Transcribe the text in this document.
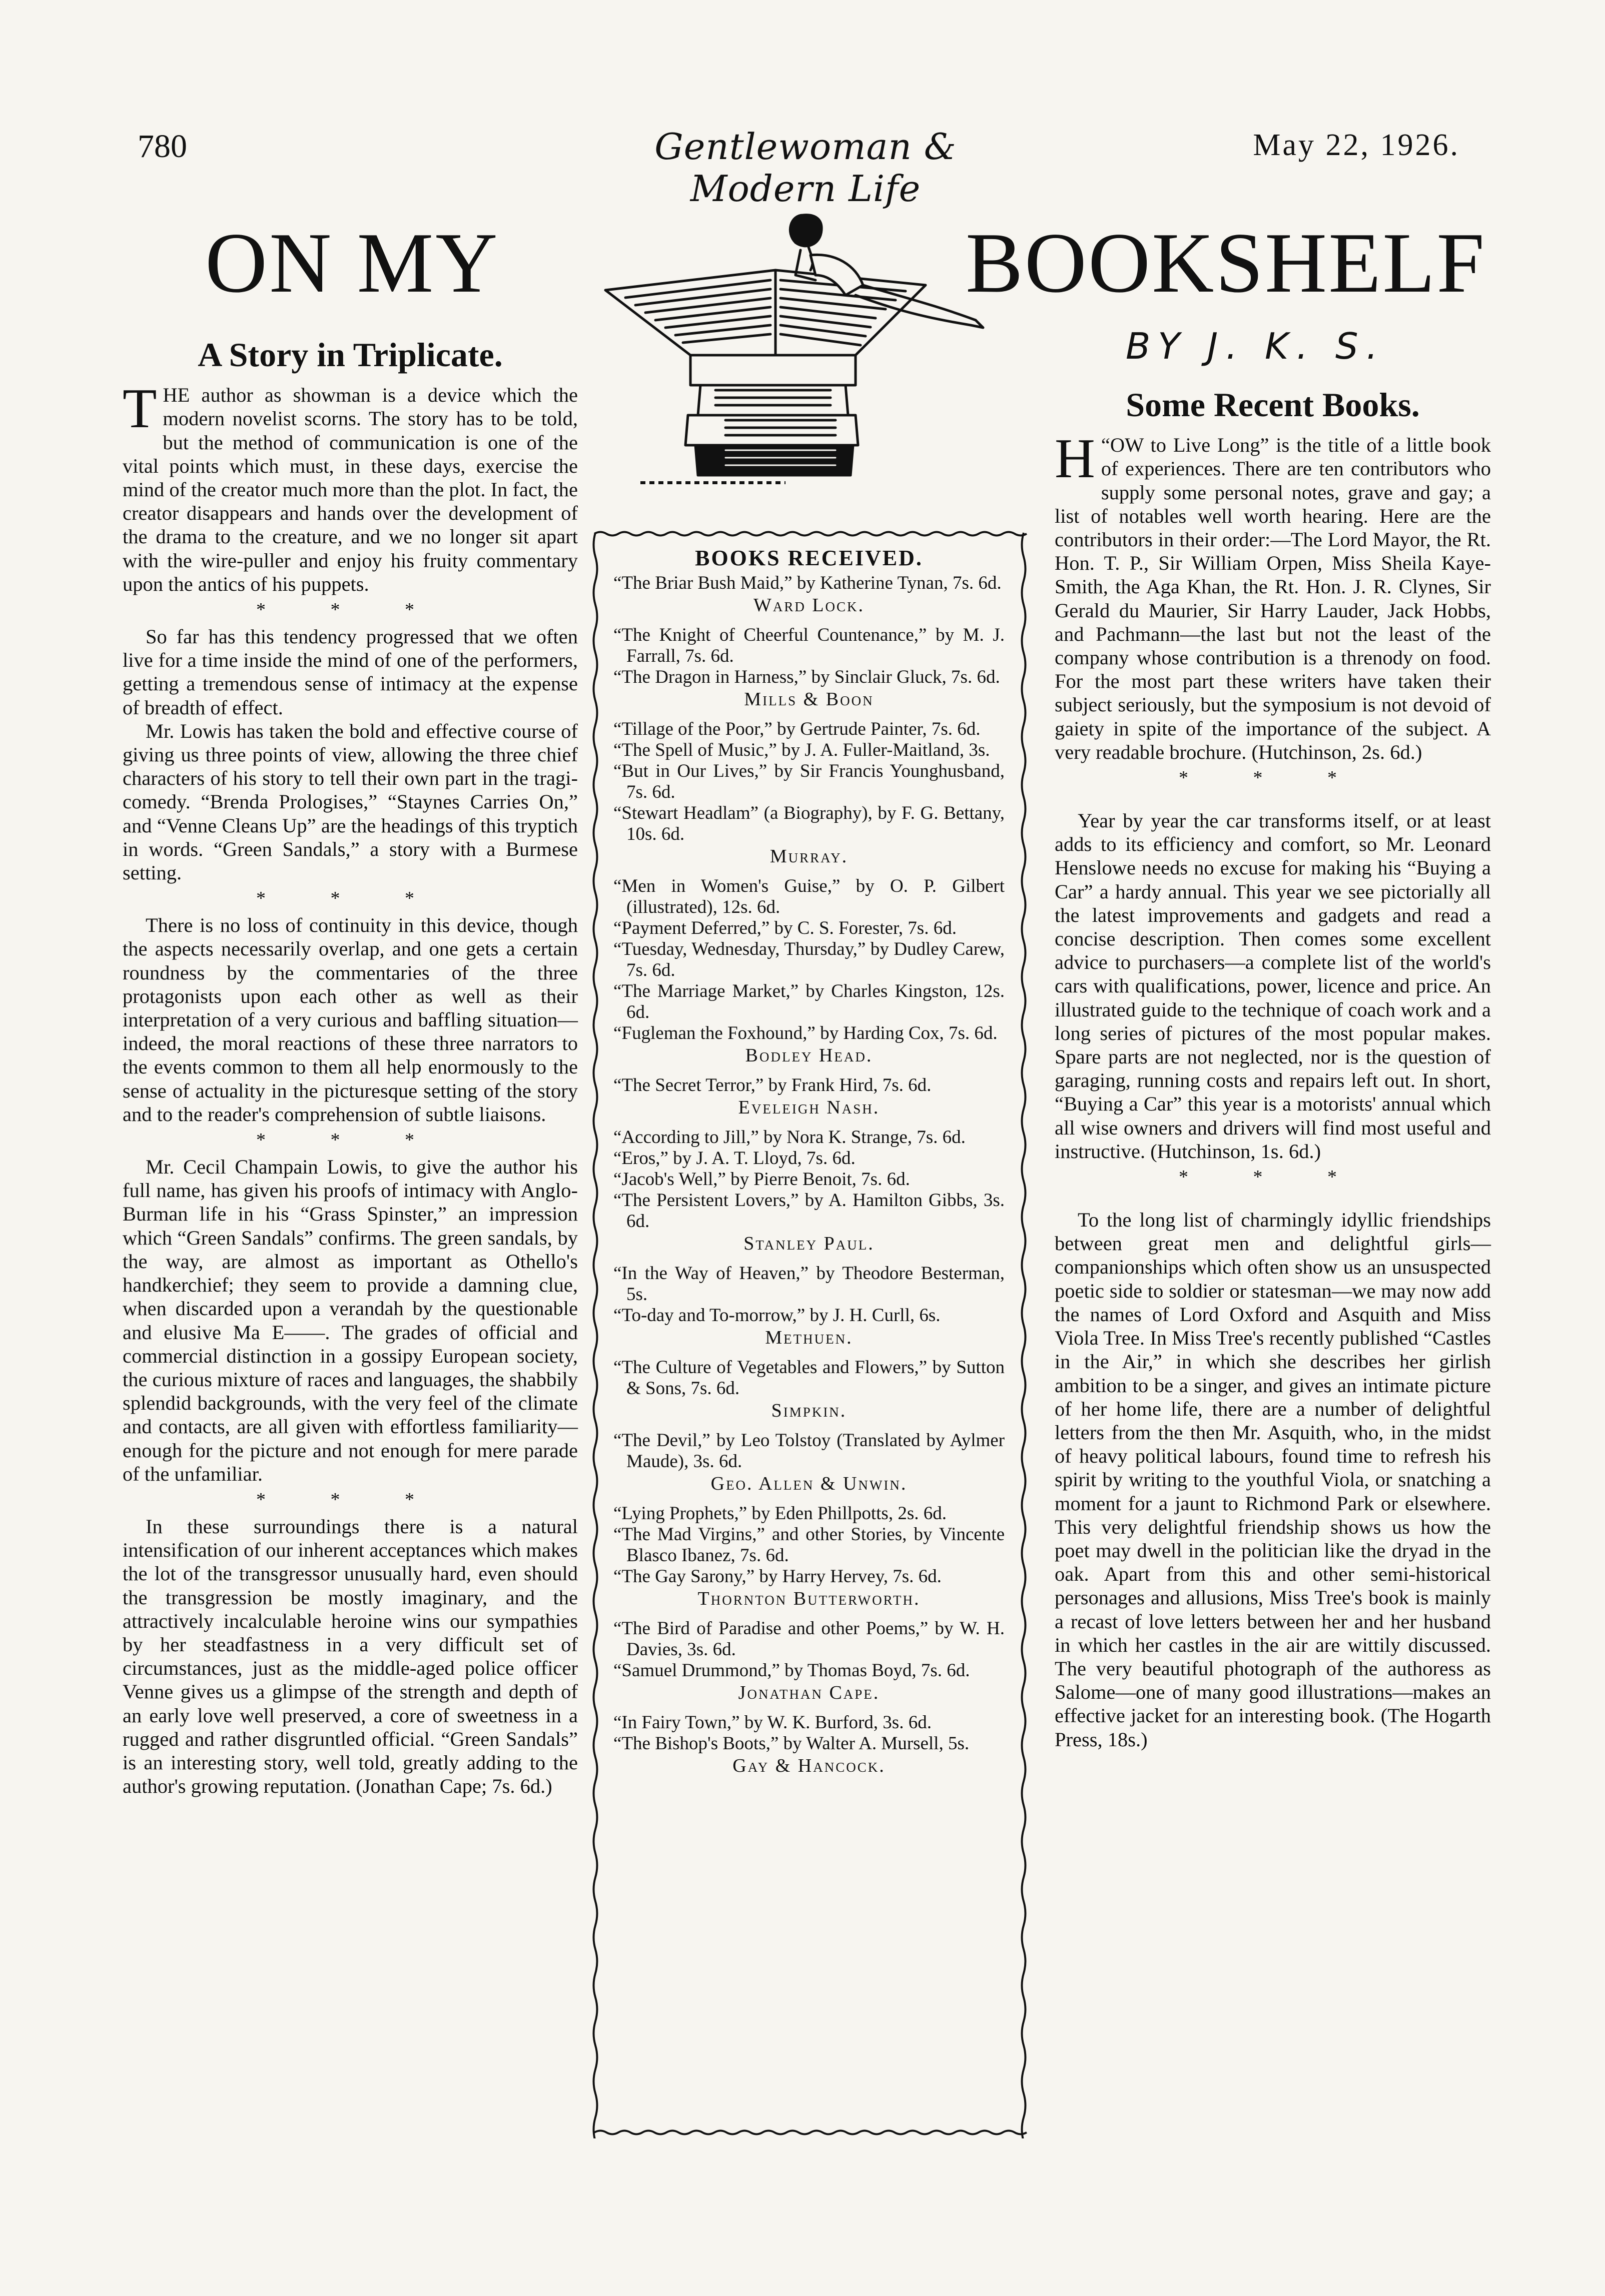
780	Gentlewoman & Modern Life
May 22, 1926.
ON MY	BOOKSHELF
BY J. K. S.
A Story in Triplicate.

THE author as showman is a device which the modern novelist scorns. The story has to be told, but the method of communication is one of the vital points which must, in these days, exercise the mind of the creator much more than the plot. In fact, the creator disappears and hands over the development of the drama to the creature, and we no longer sit apart with the wire-puller and enjoy his fruity commentary upon the antics of his puppets.

* * *

So far has this tendency progressed that we often live for a time inside the mind of one of the performers, getting a tremendous sense of intimacy at the expense of breadth of effect.

Mr. Lowis has taken the bold and effective course of giving us three points of view, allowing the three chief characters of his story to tell their own part in the tragi-comedy. “Brenda Prologises,” “Staynes Carries On,” and “Venne Cleans Up” are the headings of this tryptich in words. “Green Sandals,” a story with a Burmese setting.

* * *

There is no loss of continuity in this device, though the aspects necessarily overlap, and one gets a certain roundness by the commentaries of the three protagonists upon each other as well as their interpretation of a very curious and baffling situation—indeed, the moral reactions of these three narrators to the events common to them all help enormously to the sense of actuality in the picturesque setting of the story and to the reader's comprehension of subtle liaisons.

* * *

Mr. Cecil Champain Lowis, to give the author his full name, has given his proofs of intimacy with Anglo-Burman life in his “Grass Spinster,” an impression which “Green Sandals” confirms. The green sandals, by the way, are almost as important as Othello's handkerchief; they seem to provide a damning clue, when discarded upon a verandah by the questionable and elusive Ma E——. The grades of official and commercial distinction in a gossipy European society, the curious mixture of races and languages, the shabbily splendid backgrounds, with the very feel of the climate and contacts, are all given with effortless familiarity—enough for the picture and not enough for mere parade of the unfamiliar.

* * *

In these surroundings there is a natural intensification of our inherent acceptances which makes the lot of the transgressor unusually hard, even should the transgression be mostly imaginary, and the attractively incalculable heroine wins our sympathies by her steadfastness in a very difficult set of circumstances, just as the middle-aged police officer Venne gives us a glimpse of the strength and depth of an early love well preserved, a core of sweetness in a rugged and rather disgruntled official. “Green Sandals” is an interesting story, well told, greatly adding to the author's growing reputation. (Jonathan Cape; 7s. 6d.)

BOOKS RECEIVED.
“The Briar Bush Maid,” by Katherine Tynan, 7s. 6d.
Ward Lock.
“The Knight of Cheerful Countenance,” by M. J. Farrall, 7s. 6d.
“The Dragon in Harness,” by Sinclair Gluck, 7s. 6d.
Mills & Boon
“Tillage of the Poor,” by Gertrude Painter, 7s. 6d.
“The Spell of Music,” by J. A. Fuller-Maitland, 3s.
“But in Our Lives,” by Sir Francis Younghusband, 7s. 6d.
“Stewart Headlam” (a Biography), by F. G. Bettany, 10s. 6d.
Murray.
“Men in Women's Guise,” by O. P. Gilbert (illustrated), 12s. 6d.
“Payment Deferred,” by C. S. Forester, 7s. 6d.
“Tuesday, Wednesday, Thursday,” by Dudley Carew, 7s. 6d.
“The Marriage Market,” by Charles Kingston, 12s. 6d.
“Fugleman the Foxhound,” by Harding Cox, 7s. 6d.
Bodley Head.
“The Secret Terror,” by Frank Hird, 7s. 6d.
Eveleigh Nash.
“According to Jill,” by Nora K. Strange, 7s. 6d.
“Eros,” by J. A. T. Lloyd, 7s. 6d.
“Jacob's Well,” by Pierre Benoit, 7s. 6d.
“The Persistent Lovers,” by A. Hamilton Gibbs, 3s. 6d.
Stanley Paul.
“In the Way of Heaven,” by Theodore Besterman, 5s.
“To-day and To-morrow,” by J. H. Curll, 6s.
Methuen.
“The Culture of Vegetables and Flowers,” by Sutton & Sons, 7s. 6d.
Simpkin.
“The Devil,” by Leo Tolstoy (Translated by Aylmer Maude), 3s. 6d.
Geo. Allen & Unwin.
“Lying Prophets,” by Eden Phillpotts, 2s. 6d.
“The Mad Virgins,” and other Stories, by Vincente Blasco Ibanez, 7s. 6d.
“The Gay Sarony,” by Harry Hervey, 7s. 6d.
Thornton Butterworth.
“The Bird of Paradise and other Poems,” by W. H. Davies, 3s. 6d.
“Samuel Drummond,” by Thomas Boyd, 7s. 6d.
Jonathan Cape.
“In Fairy Town,” by W. K. Burford, 3s. 6d.
“The Bishop's Boots,” by Walter A. Mursell, 5s.
Gay & Hancock.
Some Recent Books.

H “OW to Live Long” is the title of a little book of experiences. There are ten contributors who supply some personal notes, grave and gay; a list of notables well worth hearing. Here are the contributors in their order:—The Lord Mayor, the Rt. Hon. T. P., Sir William Orpen, Miss Sheila Kaye-Smith, the Aga Khan, the Rt. Hon. J. R. Clynes, Sir Gerald du Maurier, Sir Harry Lauder, Jack Hobbs, and Pachmann—the last but not the least of the company whose contribution is a threnody on food. For the most part these writers have taken their subject seriously, but the symposium is not devoid of gaiety in spite of the importance of the subject. A very readable brochure. (Hutchinson, 2s. 6d.)

* * *

Year by year the car transforms itself, or at least adds to its efficiency and comfort, so Mr. Leonard Henslowe needs no excuse for making his “Buying a Car” a hardy annual. This year we see pictorially all the latest improvements and gadgets and read a concise description. Then comes some excellent advice to purchasers—a complete list of the world's cars with qualifications, power, licence and price. An illustrated guide to the technique of coach work and a long series of pictures of the most popular makes. Spare parts are not neglected, nor is the question of garaging, running costs and repairs left out. In short, “Buying a Car” this year is a motorists' annual which all wise owners and drivers will find most useful and instructive. (Hutchinson, 1s. 6d.)

* * *

To the long list of charmingly idyllic friendships between great men and delightful girls—companionships which often show us an unsuspected poetic side to soldier or statesman—we may now add the names of Lord Oxford and Asquith and Miss Viola Tree. In Miss Tree's recently published “Castles in the Air,” in which she describes her girlish ambition to be a singer, and gives an intimate picture of her home life, there are a number of delightful letters from the then Mr. Asquith, who, in the midst of heavy political labours, found time to refresh his spirit by writing to the youthful Viola, or snatching a moment for a jaunt to Richmond Park or elsewhere. This very delightful friendship shows us how the poet may dwell in the politician like the dryad in the oak. Apart from this and other semi-historical personages and allusions, Miss Tree's book is mainly a recast of love letters between her and her husband in which her castles in the air are wittily discussed. The very beautiful photograph of the authoress as Salome—one of many good illustrations—makes an effective jacket for an interesting book. (The Hogarth Press, 18s.)
